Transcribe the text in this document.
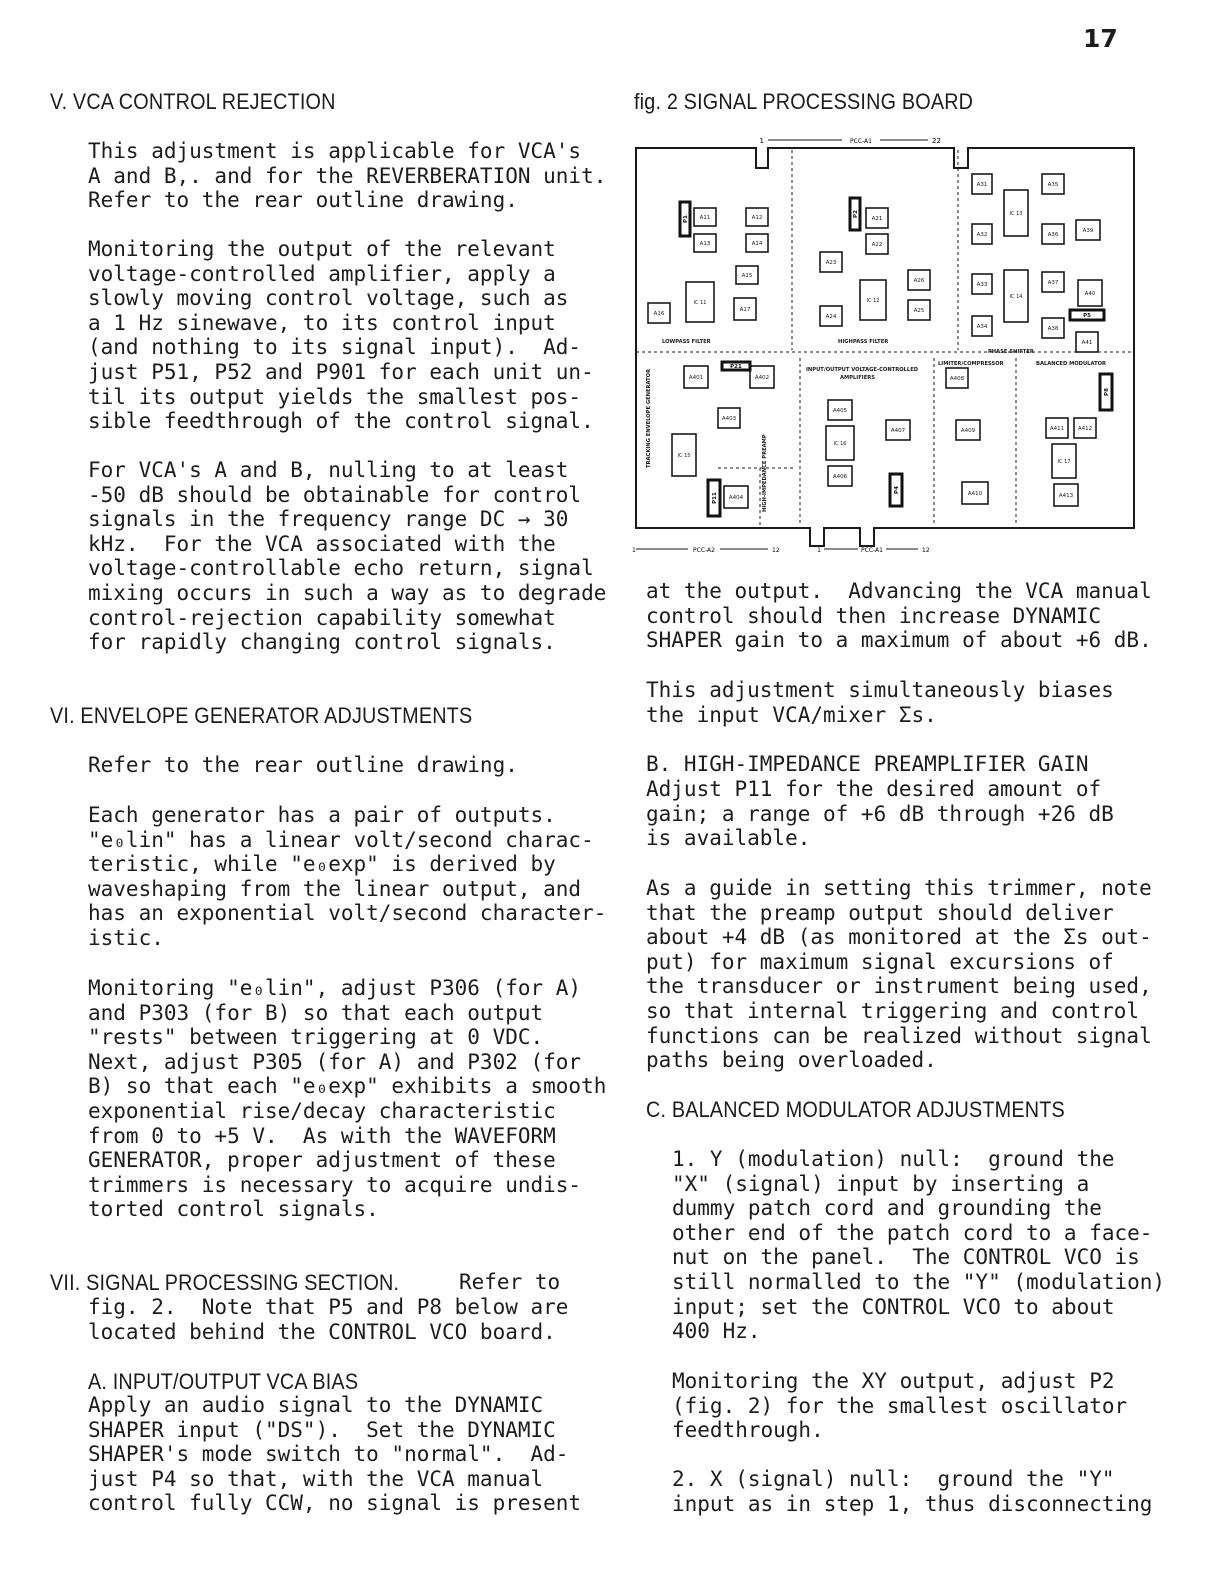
17
V. VCA CONTROL REJECTION
This adjustment is applicable for VCA's
A and B,. and for the REVERBERATION unit.
Refer to the rear outline drawing.
Monitoring the output of the relevant
voltage-controlled amplifier, apply a
slowly moving control voltage, such as
a 1 Hz sinewave, to its control input
(and nothing to its signal input).  Ad-
just P51, P52 and P901 for each unit un-
til its output yields the smallest pos-
sible feedthrough of the control signal.
For VCA's A and B, nulling to at least
-50 dB should be obtainable for control
signals in the frequency range DC → 30
kHz.  For the VCA associated with the
voltage-controllable echo return, signal
mixing occurs in such a way as to degrade
control-rejection capability somewhat
for rapidly changing control signals.
VI. ENVELOPE GENERATOR ADJUSTMENTS
Refer to the rear outline drawing.
Each generator has a pair of outputs.
"e₀lin" has a linear volt/second charac-
teristic, while "e₀exp" is derived by
waveshaping from the linear output, and
has an exponential volt/second character-
istic.
Monitoring "e₀lin", adjust P306 (for A)
and P303 (for B) so that each output
"rests" between triggering at 0 VDC.
Next, adjust P305 (for A) and P302 (for
B) so that each "e₀exp" exhibits a smooth
exponential rise/decay characteristic
from 0 to +5 V.  As with the WAVEFORM
GENERATOR, proper adjustment of these
trimmers is necessary to acquire undis-
torted control signals.
VII. SIGNAL PROCESSING SECTION.	Refer to
fig. 2.  Note that P5 and P8 below are
located behind the CONTROL VCO board.
A. INPUT/OUTPUT VCA BIAS
Apply an audio signal to the DYNAMIC
SHAPER input ("DS").  Set the DYNAMIC
SHAPER's mode switch to "normal".  Ad-
just P4 so that, with the VCA manual
control fully CCW, no signal is present
fig. 2 SIGNAL PROCESSING BOARD
1	PCC-A1	22
1	PCC-A2	12	1	PCC-A1	12
LOWPASS FILTER	HIGHPASS FILTER
PHASE SHIFTER
LIMITER/COMPRESSOR	BALANCED MODULATOR
INPUT/OUTPUT VOLTAGE-CONTROLLED
AMPLIFIERS
TRACKING ENVELOPE GENERATOR
HIGH-IMPEDANCE PREAMP
A11	A12
A13	A14
A15
A16
A17
IC 11
A21
A22
A23
A24
A25
A26
IC 12
A31
A32
A33
A34
A35
A36
A37
A38
A39
A40
A41
IC 13
IC 14
A401	A402
A403
A404
A405
A406
A407
A408
A409
A410
A411 A412
A413
IC 15
IC 16
IC 17
P1
P2
P4
P5
P8
P11
P21
at the output.  Advancing the VCA manual
control should then increase DYNAMIC
SHAPER gain to a maximum of about +6 dB.
This adjustment simultaneously biases
the input VCA/mixer Σs.
B. HIGH-IMPEDANCE PREAMPLIFIER GAIN
Adjust P11 for the desired amount of
gain; a range of +6 dB through +26 dB
is available.
As a guide in setting this trimmer, note
that the preamp output should deliver
about +4 dB (as monitored at the Σs out-
put) for maximum signal excursions of
the transducer or instrument being used,
so that internal triggering and control
functions can be realized without signal
paths being overloaded.
C. BALANCED MODULATOR ADJUSTMENTS
1. Y (modulation) null:  ground the
"X" (signal) input by inserting a
dummy patch cord and grounding the
other end of the patch cord to a face-
nut on the panel.  The CONTROL VCO is
still normalled to the "Y" (modulation)
input; set the CONTROL VCO to about
400 Hz.
Monitoring the XY output, adjust P2
(fig. 2) for the smallest oscillator
feedthrough.
2. X (signal) null:  ground the "Y"
input as in step 1, thus disconnecting
